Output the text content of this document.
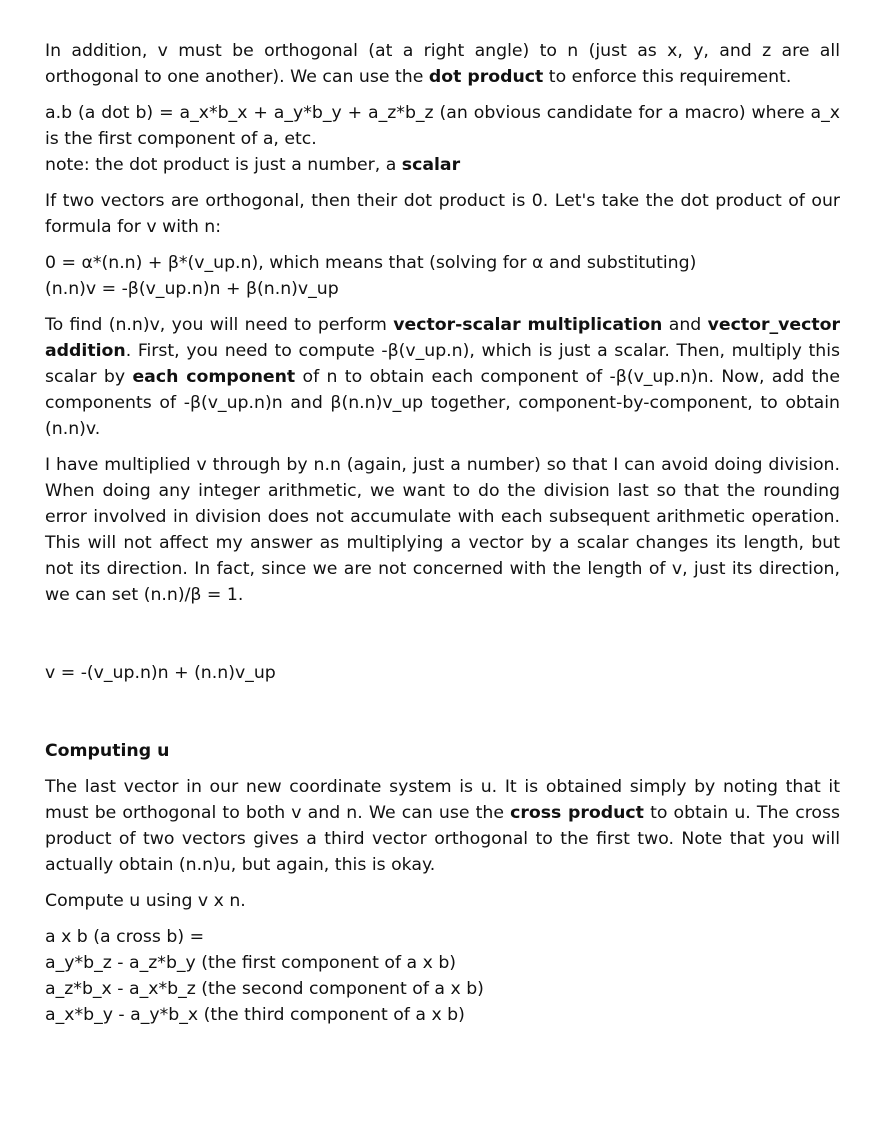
In addition, v must be orthogonal (at a right angle) to n (just as x, y, and z are all orthogonal to one another). We can use the dot product to enforce this requirement.

a.b (a dot b) = a_x*b_x + a_y*b_y + a_z*b_z (an obvious candidate for a macro) where a_x is the first component of a, etc.
note: the dot product is just a number, a scalar

If two vectors are orthogonal, then their dot product is 0. Let's take the dot product of our formula for v with n:

0 = α*(n.n) + β*(v_up.n), which means that (solving for α and substituting)
(n.n)v = -β(v_up.n)n + β(n.n)v_up

To find (n.n)v, you will need to perform vector-scalar multiplication and vector_vector addition. First, you need to compute -β(v_up.n), which is just a scalar. Then, multiply this scalar by each component of n to obtain each component of -β(v_up.n)n. Now, add the components of -β(v_up.n)n and β(n.n)v_up together, component-by-component, to obtain (n.n)v.

I have multiplied v through by n.n (again, just a number) so that I can avoid doing division. When doing any integer arithmetic, we want to do the division last so that the rounding error involved in division does not accumulate with each subsequent arithmetic operation. This will not affect my answer as multiplying a vector by a scalar changes its length, but not its direction. In fact, since we are not concerned with the length of v, just its direction, we can set (n.n)/β = 1.

v = -(v_up.n)n + (n.n)v_up

Computing u

The last vector in our new coordinate system is u. It is obtained simply by noting that it must be orthogonal to both v and n. We can use the cross product to obtain u. The cross product of two vectors gives a third vector orthogonal to the first two. Note that you will actually obtain (n.n)u, but again, this is okay.

Compute u using v x n.

a x b (a cross b) =
a_y*b_z - a_z*b_y (the first component of a x b)
a_z*b_x - a_x*b_z (the second component of a x b)
a_x*b_y - a_y*b_x (the third component of a x b)
